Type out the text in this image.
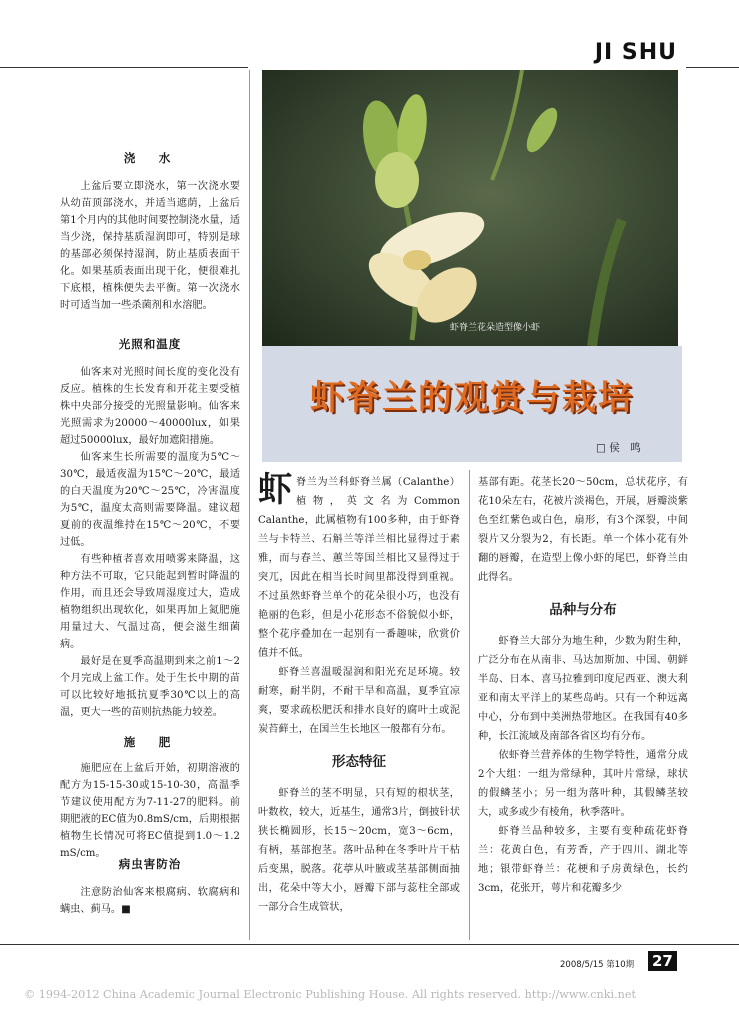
JI SHU
浇　水

上盆后要立即浇水，第一次浇水要从幼苗顶部浇水，并适当遮荫，上盆后第1个月内的其他时间要控制浇水量，适当少浇，保持基质湿润即可，特别是球的基部必须保持湿润，防止基质表面干化。如果基质表面出现干化，便很难扎下底根，植株便失去平衡。第一次浇水时可适当加一些杀菌剂和水溶肥。

光照和温度

仙客来对光照时间长度的变化没有反应。植株的生长发育和开花主要受植株中央部分接受的光照量影响。仙客来光照需求为20000～40000lux，如果超过50000lux，最好加遮阳措施。

仙客来生长所需要的温度为5℃～30℃，最适夜温为15℃～20℃，最适的白天温度为20℃～25℃，冷害温度为5℃，温度太高则需要降温。建议超夏前的夜温维持在15℃～20℃，不要过低。

有些种植者喜欢用喷雾来降温，这种方法不可取，它只能起到暂时降温的作用，而且还会导致周湿度过大，造成植物组织出现软化，如果再加上氮肥施用量过大、气温过高，便会滋生细菌病。

最好是在夏季高温期到来之前1～2个月完成上盆工作。处于生长中期的苗可以比较好地抵抗夏季30℃以上的高温，更大一些的苗则抗热能力较差。

施　肥

施肥应在上盆后开始，初期溶液的配方为15-15-30或15-10-30，高温季节建议使用配方为7-11-27的肥料。前期肥液的EC值为0.8mS/cm，后期根据植物生长情况可将EC值提到1.0～1.2 mS/cm。

病虫害防治

注意防治仙客来根腐病、软腐病和螨虫、蓟马。■

虾脊兰花朵造型像小虾
虾脊兰的观赏与栽培
□ 侯　鸣

虾脊兰为兰科虾脊兰属（Calanthe）植物，英文名为Common Calanthe，此属植物有100多种，由于虾脊兰与卡特兰、石斛兰等洋兰相比显得过于素雅，而与春兰、蕙兰等国兰相比又显得过于突兀，因此在相当长时间里都没得到重视。不过虽然虾脊兰单个的花朵很小巧，也没有艳丽的色彩，但是小花形态不俗貌似小虾，整个花序叠加在一起别有一番趣味，欣赏价值并不低。

虾脊兰喜温暖湿润和阳光充足环境。较耐寒，耐半阴，不耐干旱和高温，夏季宜凉爽，要求疏松肥沃和排水良好的腐叶土或泥炭苔藓土，在国兰生长地区一般都有分布。

形态特征

虾脊兰的茎不明显，只有短的根状茎，叶数枚，较大，近基生，通常3片，倒披针状狭长椭圆形，长15～20cm，宽3～6cm，有柄，基部抱茎。落叶品种在冬季叶片干枯后变黑，脱落。花葶从叶腋或茎基部侧面抽出，花朵中等大小，唇瓣下部与蕊柱全部或一部分合生成管状，

基部有距。花茎长20～50cm，总状花序，有花10朵左右，花被片淡褐色，开展，唇瓣淡紫色至红紫色或白色，扇形，有3个深裂，中间裂片又分裂为2，有长距。单一个体小花有外翻的唇瓣，在造型上像小虾的尾巴，虾脊兰由此得名。

品种与分布

虾脊兰大部分为地生种，少数为附生种，广泛分布在从南非、马达加斯加、中国、朝鲜半岛、日本、喜马拉雅到印度尼西亚、澳大利亚和南太平洋上的某些岛屿。只有一个种远离中心，分布到中美洲热带地区。在我国有40多种，长江流域及南部各省区均有分布。

依虾脊兰营养体的生物学特性，通常分成2个大组：一组为常绿种，其叶片常绿，球状的假鳞茎小；另一组为落叶种，其假鳞茎较大，或多或少有棱角，秋季落叶。

虾脊兰品种较多，主要有变种疏花虾脊兰：花黄白色，有芳香，产于四川、湖北等地；银带虾脊兰：花梗和子房黄绿色，长约3cm，花张开，萼片和花瓣多少

2008/5/15 第10期 27
© 1994-2012 China Academic Journal Electronic Publishing House. All rights reserved. http://www.cnki.net
